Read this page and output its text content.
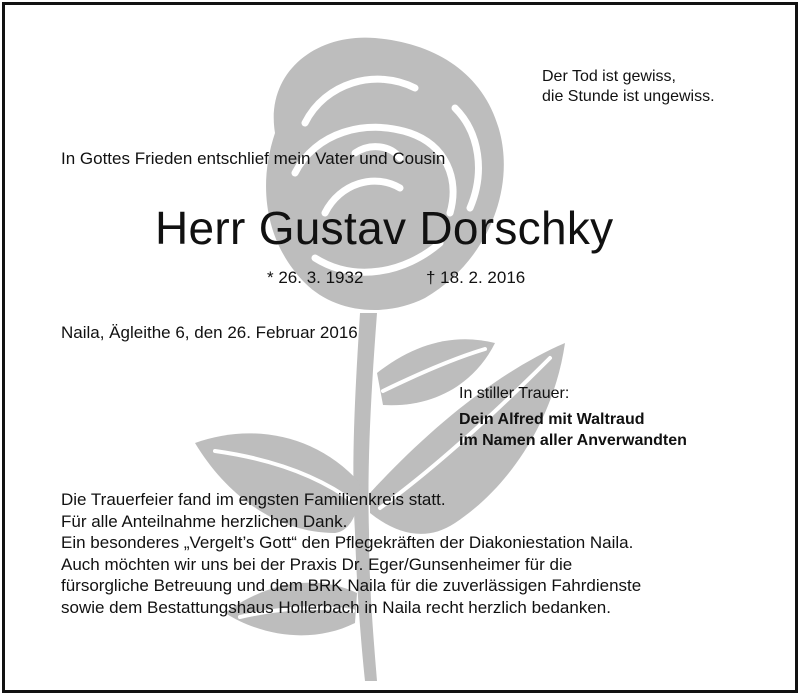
Der Tod ist gewiss,
die Stunde ist ungewiss.

In Gottes Frieden entschlief mein Vater und Cousin

Herr Gustav Dorschky
* 26. 3. 1932	† 18. 2. 2016

Naila, Ägleithe 6, den 26. Februar 2016

In stiller Trauer:

Dein Alfred mit Waltraud

im Namen aller Anverwandten

Die Trauerfeier fand im engsten Familienkreis statt.
Für alle Anteilnahme herzlichen Dank.
Ein besonderes „Vergelt’s Gott“ den Pflegekräften der Diakoniestation Naila.
Auch möchten wir uns bei der Praxis Dr. Eger/Gunsenheimer für die
fürsorgliche Betreuung und dem BRK Naila für die zuverlässigen Fahrdienste
sowie dem Bestattungshaus Hollerbach in Naila recht herzlich bedanken.
